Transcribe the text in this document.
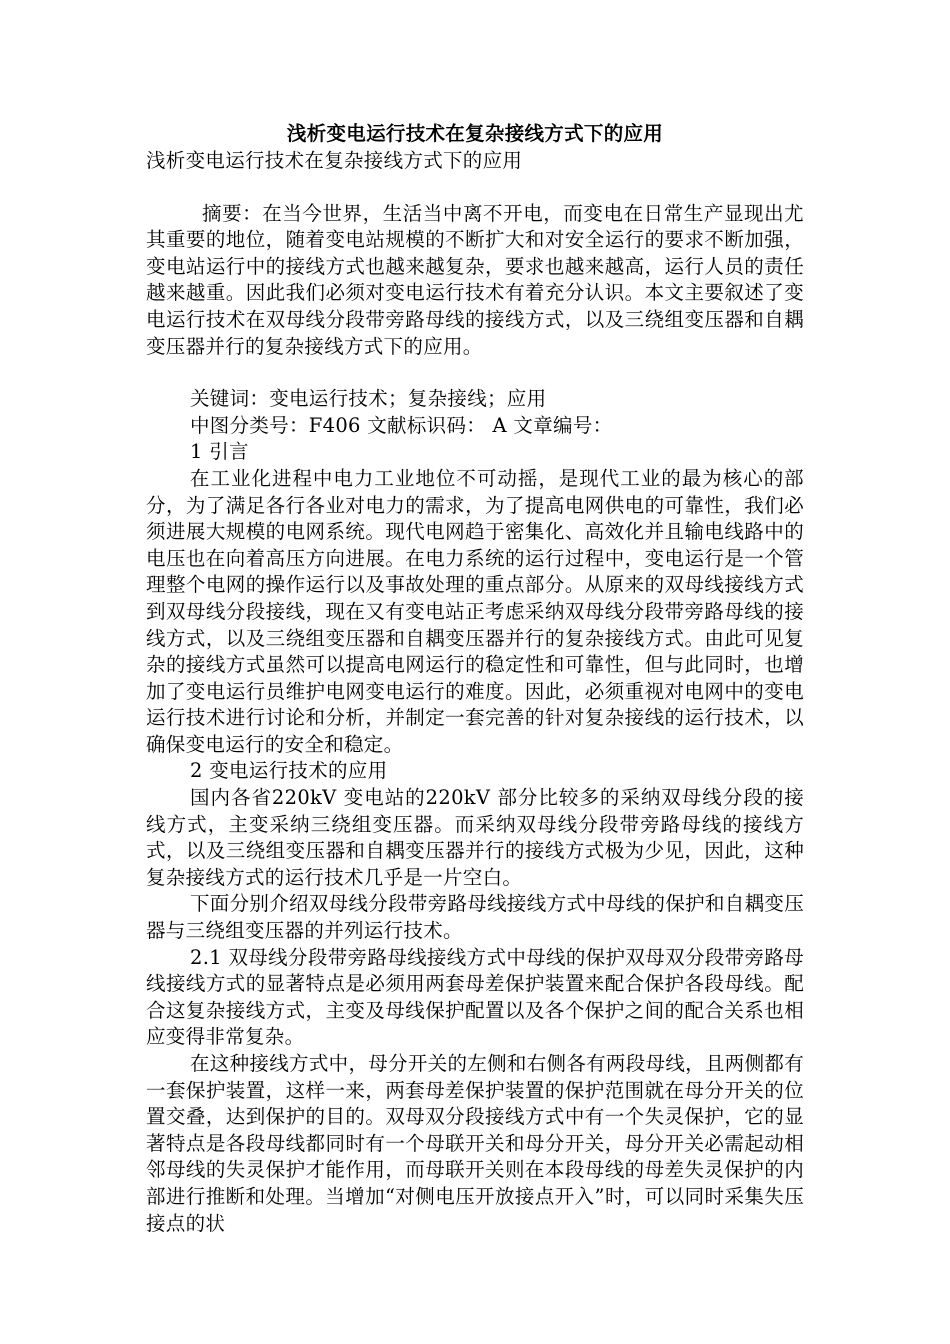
浅析变电运行技术在复杂接线方式下的应用

浅析变电运行技术在复杂接线方式下的应用

摘要：在当今世界，生活当中离不开电，而变电在日常生产显现出尤其重要的地位，随着变电站规模的不断扩大和对安全运行的要求不断加强，变电站运行中的接线方式也越来越复杂，要求也越来越高，运行人员的责任越来越重。因此我们必须对变电运行技术有着充分认识。本文主要叙述了变电运行技术在双母线分段带旁路母线的接线方式，以及三绕组变压器和自耦变压器并行的复杂接线方式下的应用。

关键词：变电运行技术；复杂接线；应用

中图分类号：F406 文献标识码： A 文章编号：

1 引言

在工业化进程中电力工业地位不可动摇，是现代工业的最为核心的部分，为了满足各行各业对电力的需求，为了提高电网供电的可靠性，我们必须进展大规模的电网系统。现代电网趋于密集化、高效化并且输电线路中的电压也在向着高压方向进展。在电力系统的运行过程中，变电运行是一个管理整个电网的操作运行以及事故处理的重点部分。从原来的双母线接线方式到双母线分段接线，现在又有变电站正考虑采纳双母线分段带旁路母线的接线方式，以及三绕组变压器和自耦变压器并行的复杂接线方式。由此可见复杂的接线方式虽然可以提高电网运行的稳定性和可靠性，但与此同时，也增加了变电运行员维护电网变电运行的难度。因此，必须重视对电网中的变电运行技术进行讨论和分析，并制定一套完善的针对复杂接线的运行技术，以确保变电运行的安全和稳定。

2 变电运行技术的应用

国内各省220kV 变电站的220kV 部分比较多的采纳双母线分段的接线方式，主变采纳三绕组变压器。而采纳双母线分段带旁路母线的接线方式，以及三绕组变压器和自耦变压器并行的接线方式极为少见，因此，这种复杂接线方式的运行技术几乎是一片空白。

下面分别介绍双母线分段带旁路母线接线方式中母线的保护和自耦变压器与三绕组变压器的并列运行技术。

2.1 双母线分段带旁路母线接线方式中母线的保护双母双分段带旁路母线接线方式的显著特点是必须用两套母差保护装置来配合保护各段母线。配合这复杂接线方式，主变及母线保护配置以及各个保护之间的配合关系也相应变得非常复杂。

在这种接线方式中，母分开关的左侧和右侧各有两段母线，且两侧都有一套保护装置，这样一来，两套母差保护装置的保护范围就在母分开关的位置交叠，达到保护的目的。双母双分段接线方式中有一个失灵保护，它的显著特点是各段母线都同时有一个母联开关和母分开关，母分开关必需起动相邻母线的失灵保护才能作用，而母联开关则在本段母线的母差失灵保护的内部进行推断和处理。当增加“对侧电压开放接点开入”时，可以同时采集失压接点的状
